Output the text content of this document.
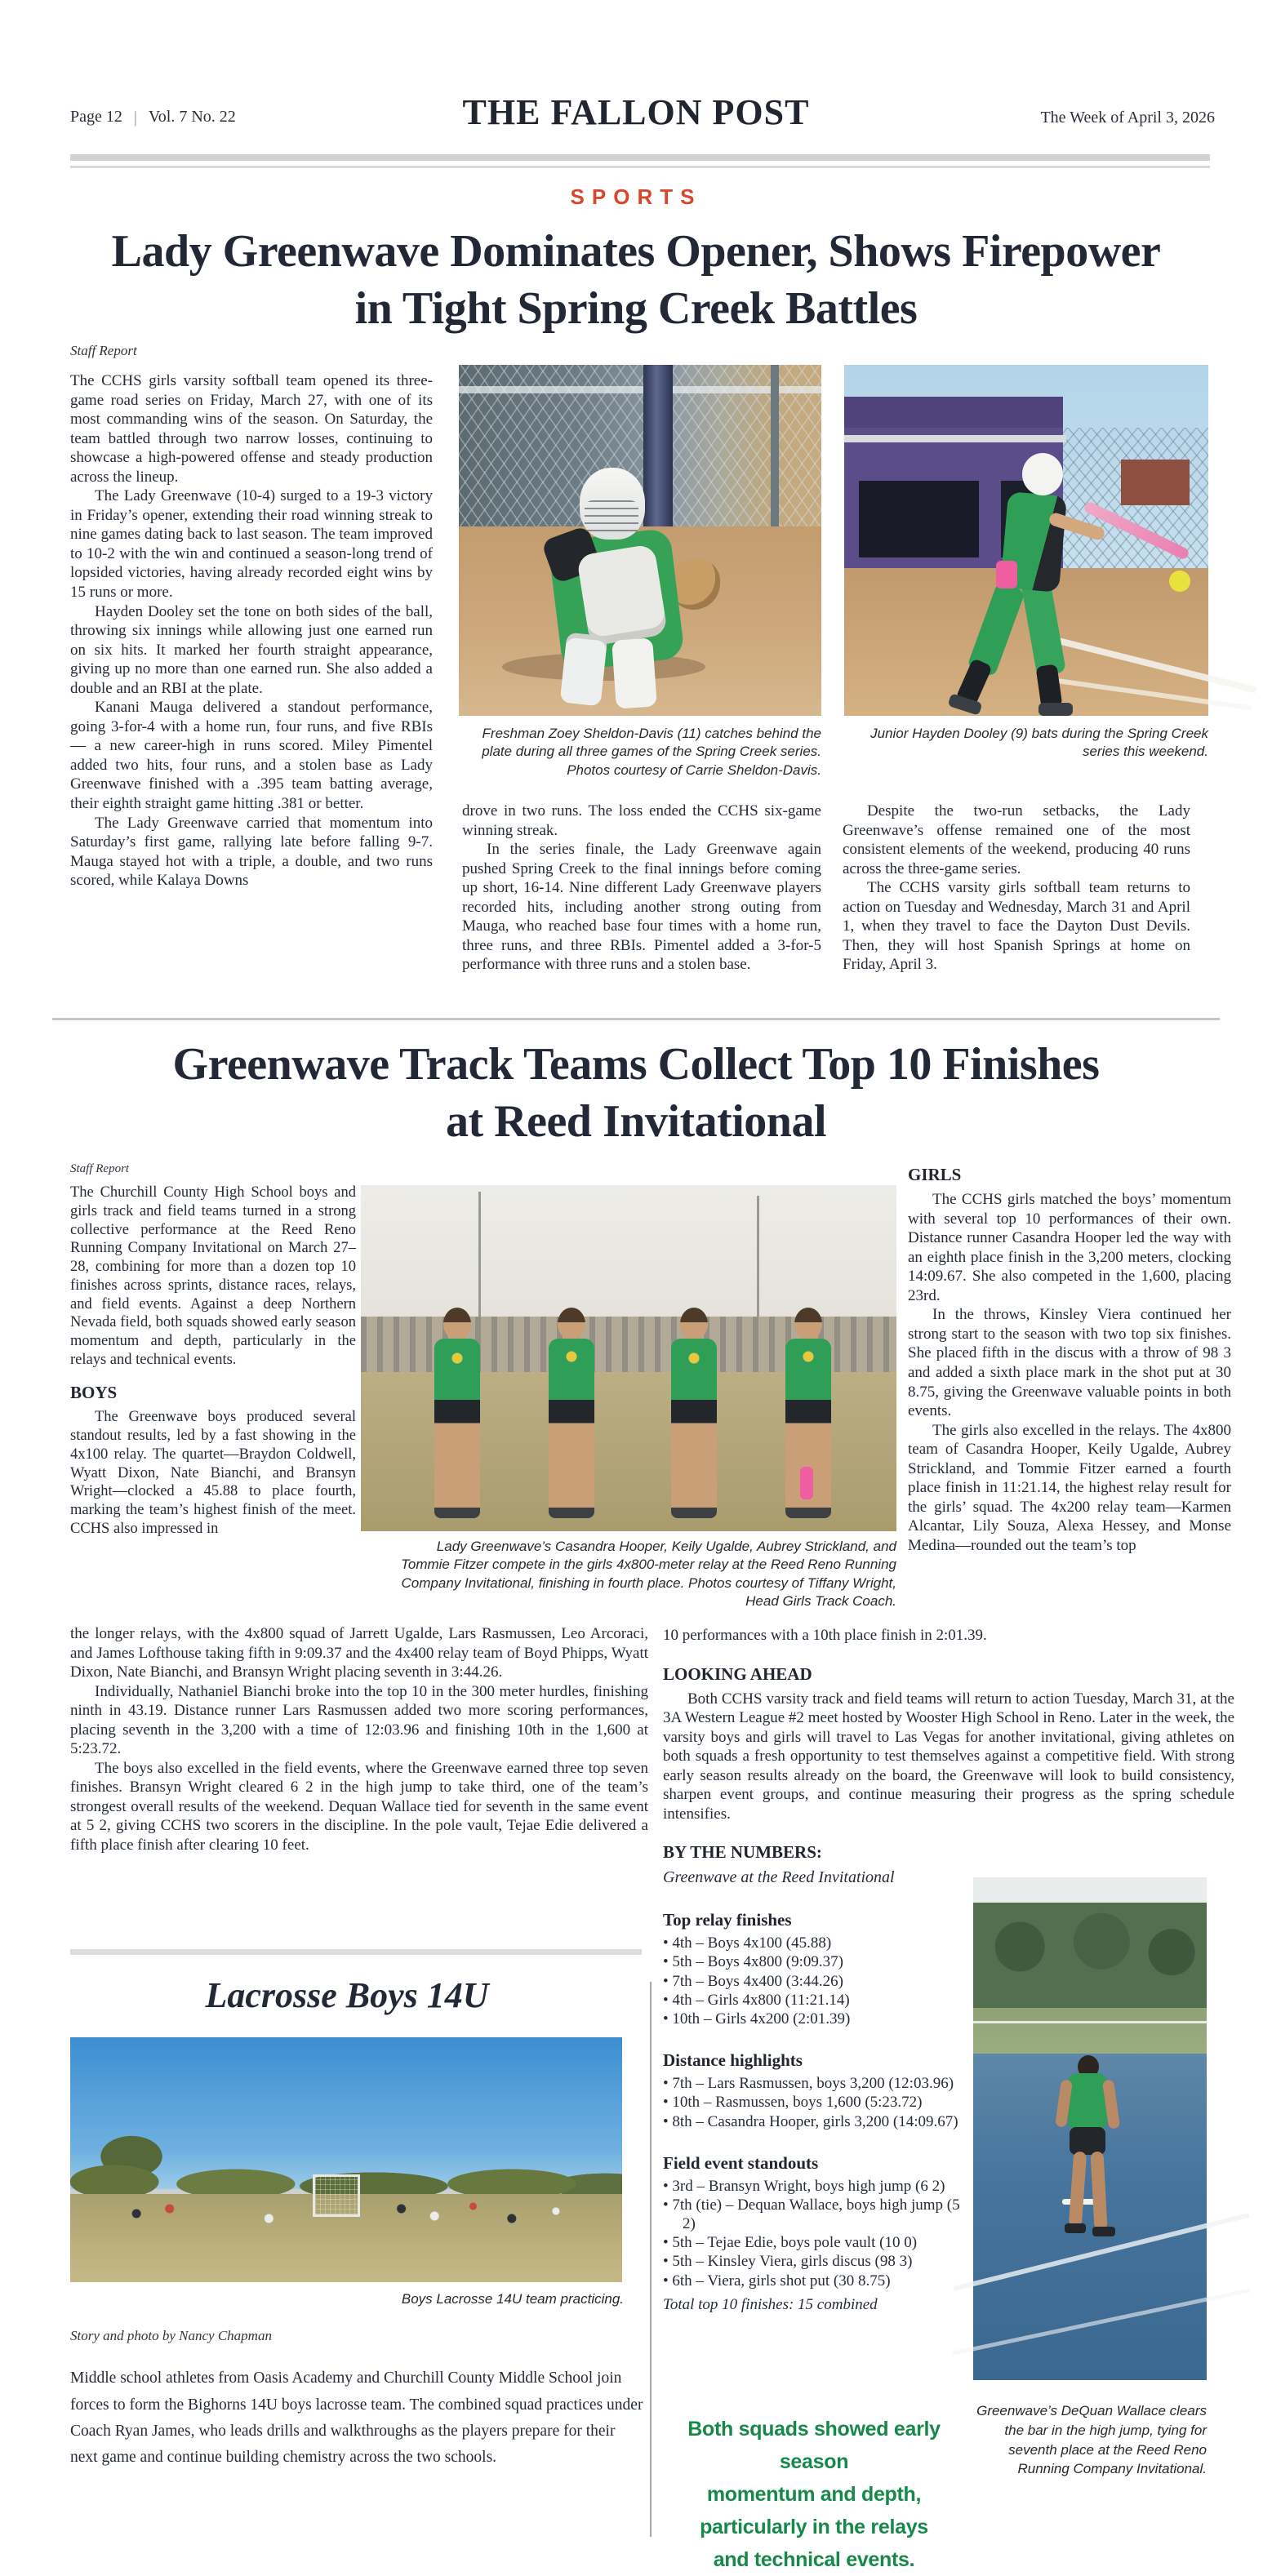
Page 12 | Vol. 7 No. 22	THE FALLON POST	The Week of April 3, 2026
SPORTS
Lady Greenwave Dominates Opener, Shows Firepower
in Tight Spring Creek Battles
Staff Report

The CCHS girls varsity softball team opened its three-game road series on Friday, March 27, with one of its most commanding wins of the season. On Saturday, the team battled through two narrow losses, continuing to showcase a high-powered offense and steady production across the lineup.

The Lady Greenwave (10-4) surged to a 19-3 victory in Friday’s opener, extending their road winning streak to nine games dating back to last season. The team improved to 10-2 with the win and continued a season-long trend of lopsided victories, having already recorded eight wins by 15 runs or more.

Hayden Dooley set the tone on both sides of the ball, throwing six innings while allowing just one earned run on six hits. It marked her fourth straight appearance, giving up no more than one earned run. She also added a double and an RBI at the plate.

Kanani Mauga delivered a standout performance, going 3-for-4 with a home run, four runs, and five RBIs — a new career-high in runs scored. Miley Pimentel added two hits, four runs, and a stolen base as Lady Greenwave finished with a .395 team batting average, their eighth straight game hitting .381 or better.

The Lady Greenwave carried that momentum into Saturday’s first game, rallying late before falling 9-7. Mauga stayed hot with a triple, a double, and two runs scored, while Kalaya Downs

Freshman Zoey Sheldon-Davis (11) catches behind the plate during all three games of the Spring Creek series. Photos courtesy of Carrie Sheldon-Davis.

drove in two runs. The loss ended the CCHS six-game winning streak.

In the series finale, the Lady Greenwave again pushed Spring Creek to the final innings before coming up short, 16-14. Nine different Lady Greenwave players recorded hits, including another strong outing from Mauga, who reached base four times with a home run, three runs, and three RBIs. Pimentel added a 3-for-5 performance with three runs and a stolen base.

Junior Hayden Dooley (9) bats during the Spring Creek series this weekend.

Despite the two-run setbacks, the Lady Greenwave’s offense remained one of the most consistent elements of the weekend, producing 40 runs across the three-game series.

The CCHS varsity girls softball team returns to action on Tuesday and Wednesday, March 31 and April 1, when they travel to face the Dayton Dust Devils. Then, they will host Spanish Springs at home on Friday, April 3.

Greenwave Track Teams Collect Top 10 Finishes
at Reed Invitational
Staff Report

The Churchill County High School boys and girls track and field teams turned in a strong collective performance at the Reed Reno Running Company Invitational on March 27–28, combining for more than a dozen top 10 finishes across sprints, distance races, relays, and field events. Against a deep Northern Nevada field, both squads showed early season momentum and depth, particularly in the relays and technical events.

BOYS

The Greenwave boys produced several standout results, led by a fast showing in the 4x100 relay. The quartet—Braydon Coldwell, Wyatt Dixon, Nate Bianchi, and Bransyn Wright—clocked a 45.88 to place fourth, marking the team’s highest finish of the meet. CCHS also impressed in

Lady Greenwave’s Casandra Hooper, Keily Ugalde, Aubrey Strickland, and Tommie Fitzer compete in the girls 4x800-meter relay at the Reed Reno Running Company Invitational, finishing in fourth place. Photos courtesy of Tiffany Wright, Head Girls Track Coach.
GIRLS

The CCHS girls matched the boys’ momentum with several top 10 performances of their own. Distance runner Casandra Hooper led the way with an eighth place finish in the 3,200 meters, clocking 14:09.67. She also competed in the 1,600, placing 23rd.

In the throws, Kinsley Viera continued her strong start to the season with two top six finishes. She placed fifth in the discus with a throw of 98 3 and added a sixth place mark in the shot put at 30 8.75, giving the Greenwave valuable points in both events.

The girls also excelled in the relays. The 4x800 team of Casandra Hooper, Keily Ugalde, Aubrey Strickland, and Tommie Fitzer earned a fourth place finish in 11:21.14, the highest relay result for the girls’ squad. The 4x200 relay team—Karmen Alcantar, Lily Souza, Alexa Hessey, and Monse Medina—rounded out the team’s top

the longer relays, with the 4x800 squad of Jarrett Ugalde, Lars Rasmussen, Leo Arcoraci, and James Lofthouse taking fifth in 9:09.37 and the 4x400 relay team of Boyd Phipps, Wyatt Dixon, Nate Bianchi, and Bransyn Wright placing seventh in 3:44.26.

Individually, Nathaniel Bianchi broke into the top 10 in the 300 meter hurdles, finishing ninth in 43.19. Distance runner Lars Rasmussen added two more scoring performances, placing seventh in the 3,200 with a time of 12:03.96 and finishing 10th in the 1,600 at 5:23.72.

The boys also excelled in the field events, where the Greenwave earned three top seven finishes. Bransyn Wright cleared 6 2 in the high jump to take third, one of the team’s strongest overall results of the weekend. Dequan Wallace tied for seventh in the same event at 5 2, giving CCHS two scorers in the discipline. In the pole vault, Tejae Edie delivered a fifth place finish after clearing 10 feet.

10 performances with a 10th place finish in 2:01.39.

LOOKING AHEAD

Both CCHS varsity track and field teams will return to action Tuesday, March 31, at the 3A Western League #2 meet hosted by Wooster High School in Reno. Later in the week, the varsity boys and girls will travel to Las Vegas for another invitational, giving athletes on both squads a fresh opportunity to test themselves against a competitive field. With strong early season results already on the board, the Greenwave will look to build consistency, sharpen event groups, and continue measuring their progress as the spring schedule intensifies.

BY THE NUMBERS:
Greenwave at the Reed Invitational
Top relay finishes
• 4th – Boys 4x100 (45.88)
• 5th – Boys 4x800 (9:09.37)
• 7th – Boys 4x400 (3:44.26)
• 4th – Girls 4x800 (11:21.14)
• 10th – Girls 4x200 (2:01.39)
Distance highlights
• 7th – Lars Rasmussen, boys 3,200 (12:03.96)
• 10th – Rasmussen, boys 1,600 (5:23.72)
• 8th – Casandra Hooper, girls 3,200 (14:09.67)
Field event standouts
• 3rd – Bransyn Wright, boys high jump (6 2)
• 7th (tie) – Dequan Wallace, boys high jump (5 2)
• 5th – Tejae Edie, boys pole vault (10 0)
• 5th – Kinsley Viera, girls discus (98 3)
• 6th – Viera, girls shot put (30 8.75)
Total top 10 finishes: 15 combined
Both squads showed early season
momentum and depth,
particularly in the relays
and technical events.
Greenwave’s DeQuan Wallace clears the bar in the high jump, tying for seventh place at the Reed Reno Running Company Invitational.
Lacrosse Boys 14U
Boys Lacrosse 14U team practicing.
Story and photo by Nancy Chapman
Middle school athletes from Oasis Academy and Churchill County Middle School join forces to form the Bighorns 14U boys lacrosse team. The combined squad practices under Coach Ryan James, who leads drills and walkthroughs as the players prepare for their next game and continue building chemistry across the two schools.
